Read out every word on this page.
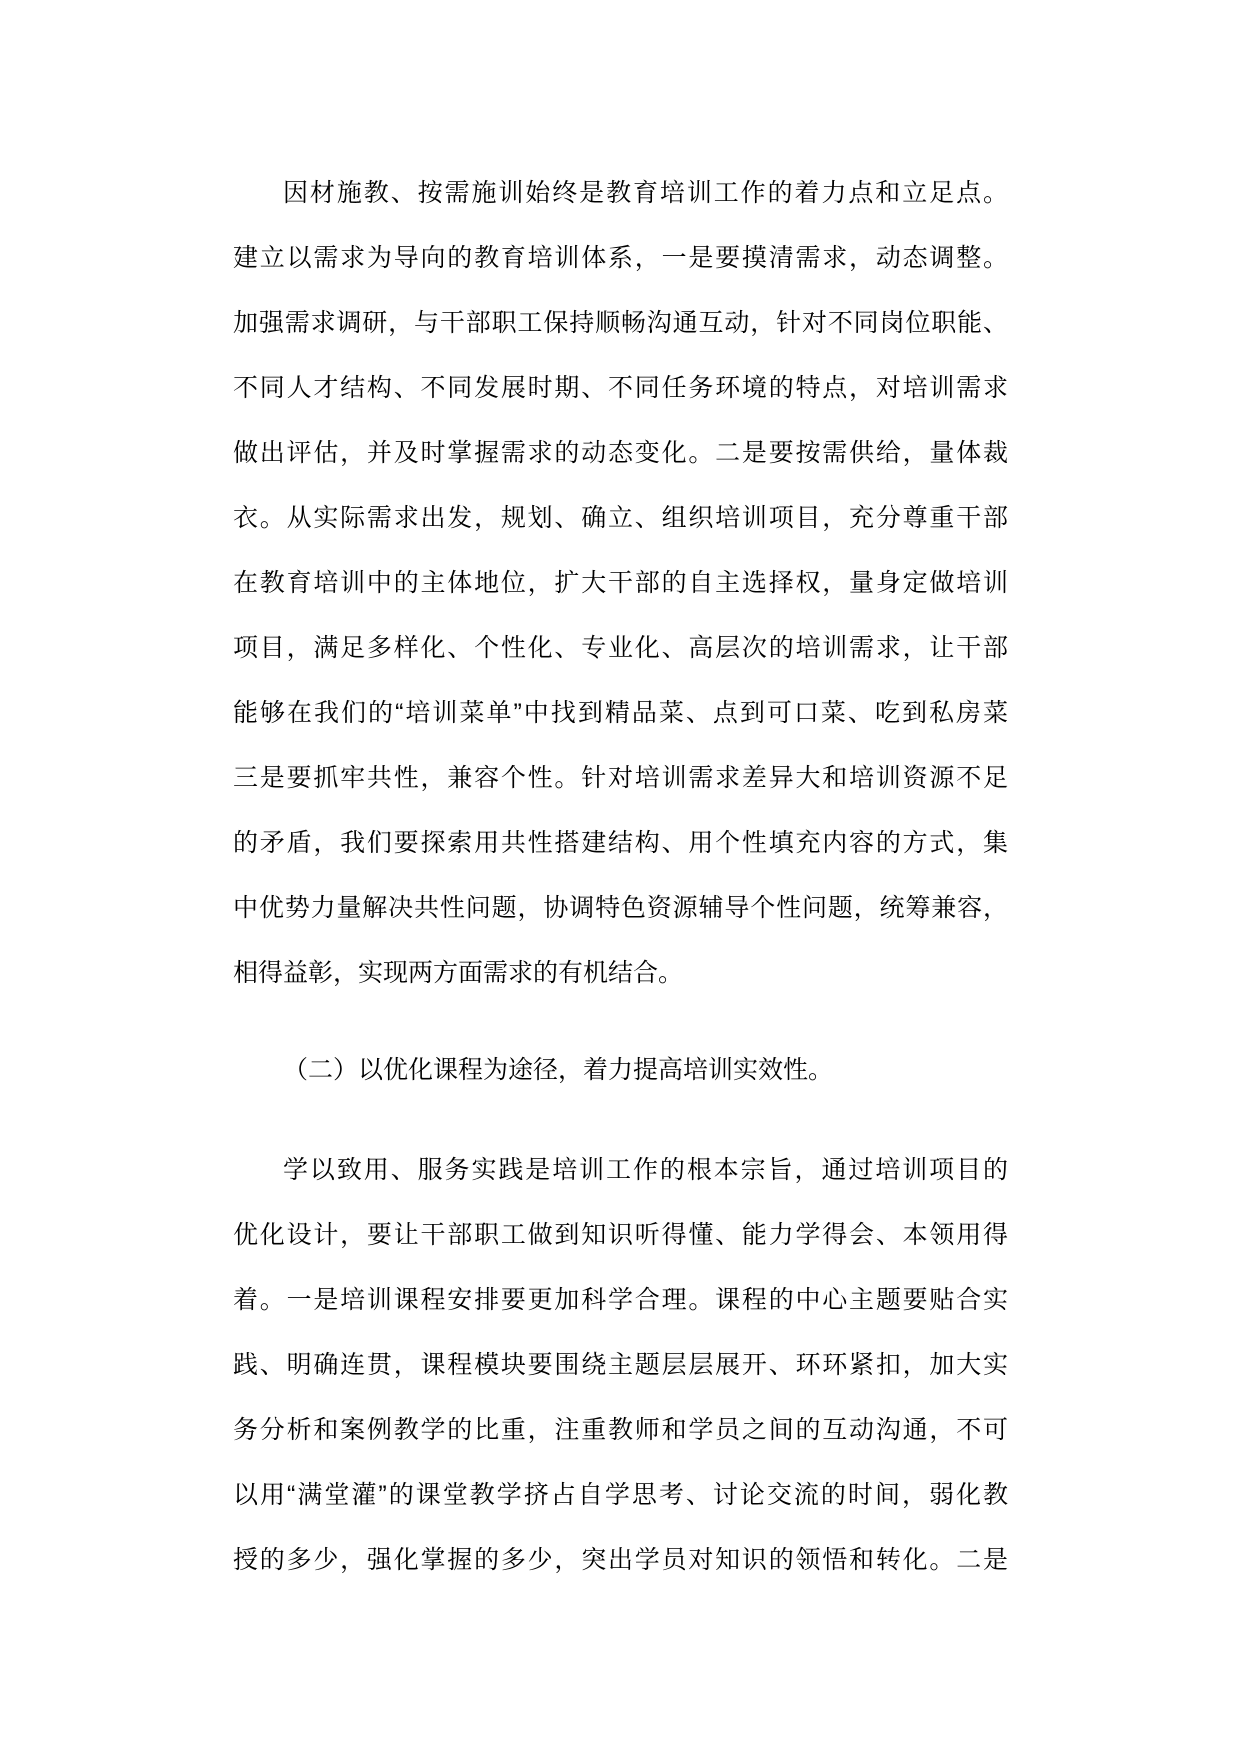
因材施教、按需施训始终是教育培训工作的着力点和立足点。
建立以需求为导向的教育培训体系，一是要摸清需求，动态调整。
加强需求调研，与干部职工保持顺畅沟通互动，针对不同岗位职能、
不同人才结构、不同发展时期、不同任务环境的特点，对培训需求
做出评估，并及时掌握需求的动态变化。二是要按需供给，量体裁
衣。从实际需求出发，规划、确立、组织培训项目，充分尊重干部
在教育培训中的主体地位，扩大干部的自主选择权，量身定做培训
项目，满足多样化、个性化、专业化、高层次的培训需求，让干部
能够在我们的“培训菜单”中找到精品菜、点到可口菜、吃到私房菜
三是要抓牢共性，兼容个性。针对培训需求差异大和培训资源不足
的矛盾，我们要探索用共性搭建结构、用个性填充内容的方式，集
中优势力量解决共性问题，协调特色资源辅导个性问题，统筹兼容，
相得益彰，实现两方面需求的有机结合。
（二）以优化课程为途径，着力提高培训实效性。
学以致用、服务实践是培训工作的根本宗旨，通过培训项目的
优化设计，要让干部职工做到知识听得懂、能力学得会、本领用得
着。一是培训课程安排要更加科学合理。课程的中心主题要贴合实
践、明确连贯，课程模块要围绕主题层层展开、环环紧扣，加大实
务分析和案例教学的比重，注重教师和学员之间的互动沟通，不可
以用“满堂灌”的课堂教学挤占自学思考、讨论交流的时间，弱化教
授的多少，强化掌握的多少，突出学员对知识的领悟和转化。二是
